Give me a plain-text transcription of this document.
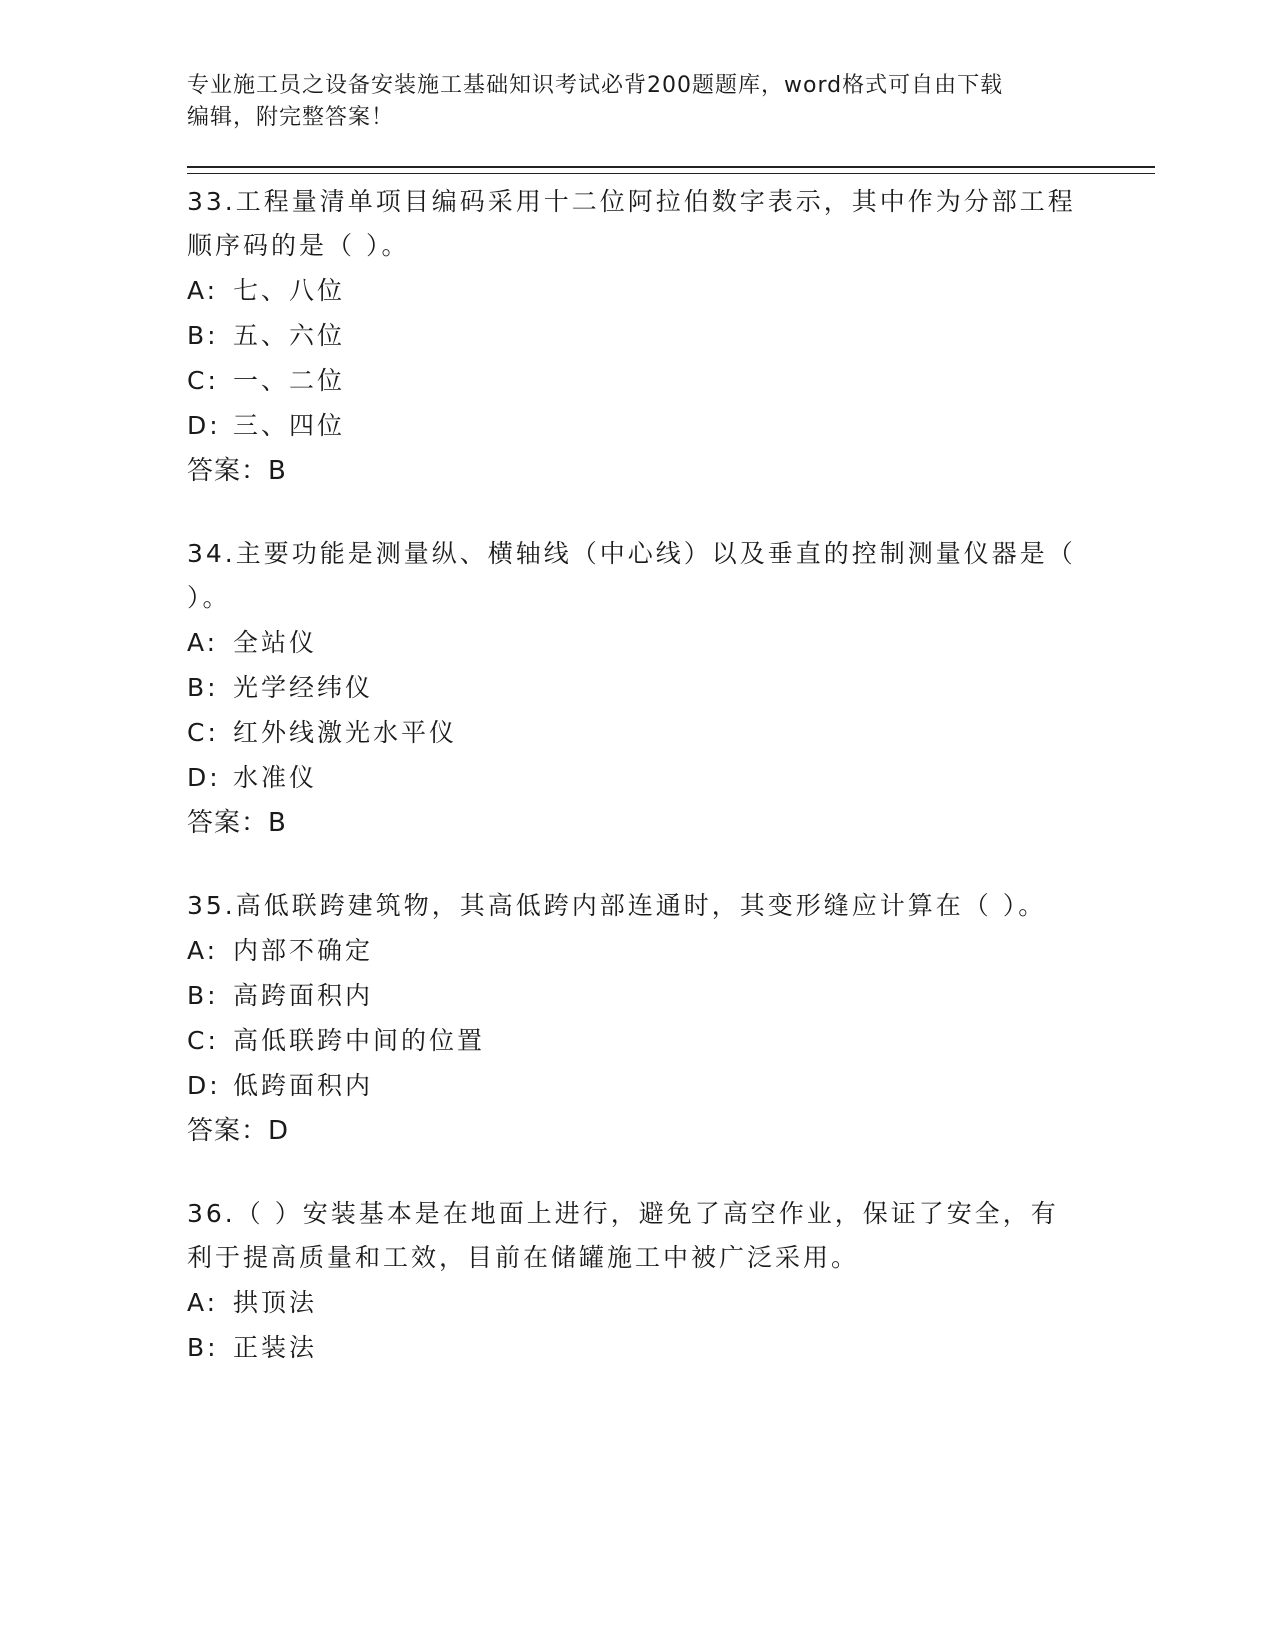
专业施工员之设备安装施工基础知识考试必背200题题库，word格式可自由下载
编辑，附完整答案！
33.工程量清单项目编码采用十二位阿拉伯数字表示，其中作为分部工程顺序码的是（ ）。
A: 七、八位
B: 五、六位
C: 一、二位
D: 三、四位
答案：B
34.主要功能是测量纵、横轴线（中心线）以及垂直的控制测量仪器是（ ）。
A: 全站仪
B: 光学经纬仪
C: 红外线激光水平仪
D: 水准仪
答案：B
35.高低联跨建筑物，其高低跨内部连通时，其变形缝应计算在（ ）。
A: 内部不确定
B: 高跨面积内
C: 高低联跨中间的位置
D: 低跨面积内
答案：D
36.（ ）安装基本是在地面上进行，避免了高空作业，保证了安全，有利于提高质量和工效，目前在储罐施工中被广泛采用。
A: 拱顶法
B: 正装法
